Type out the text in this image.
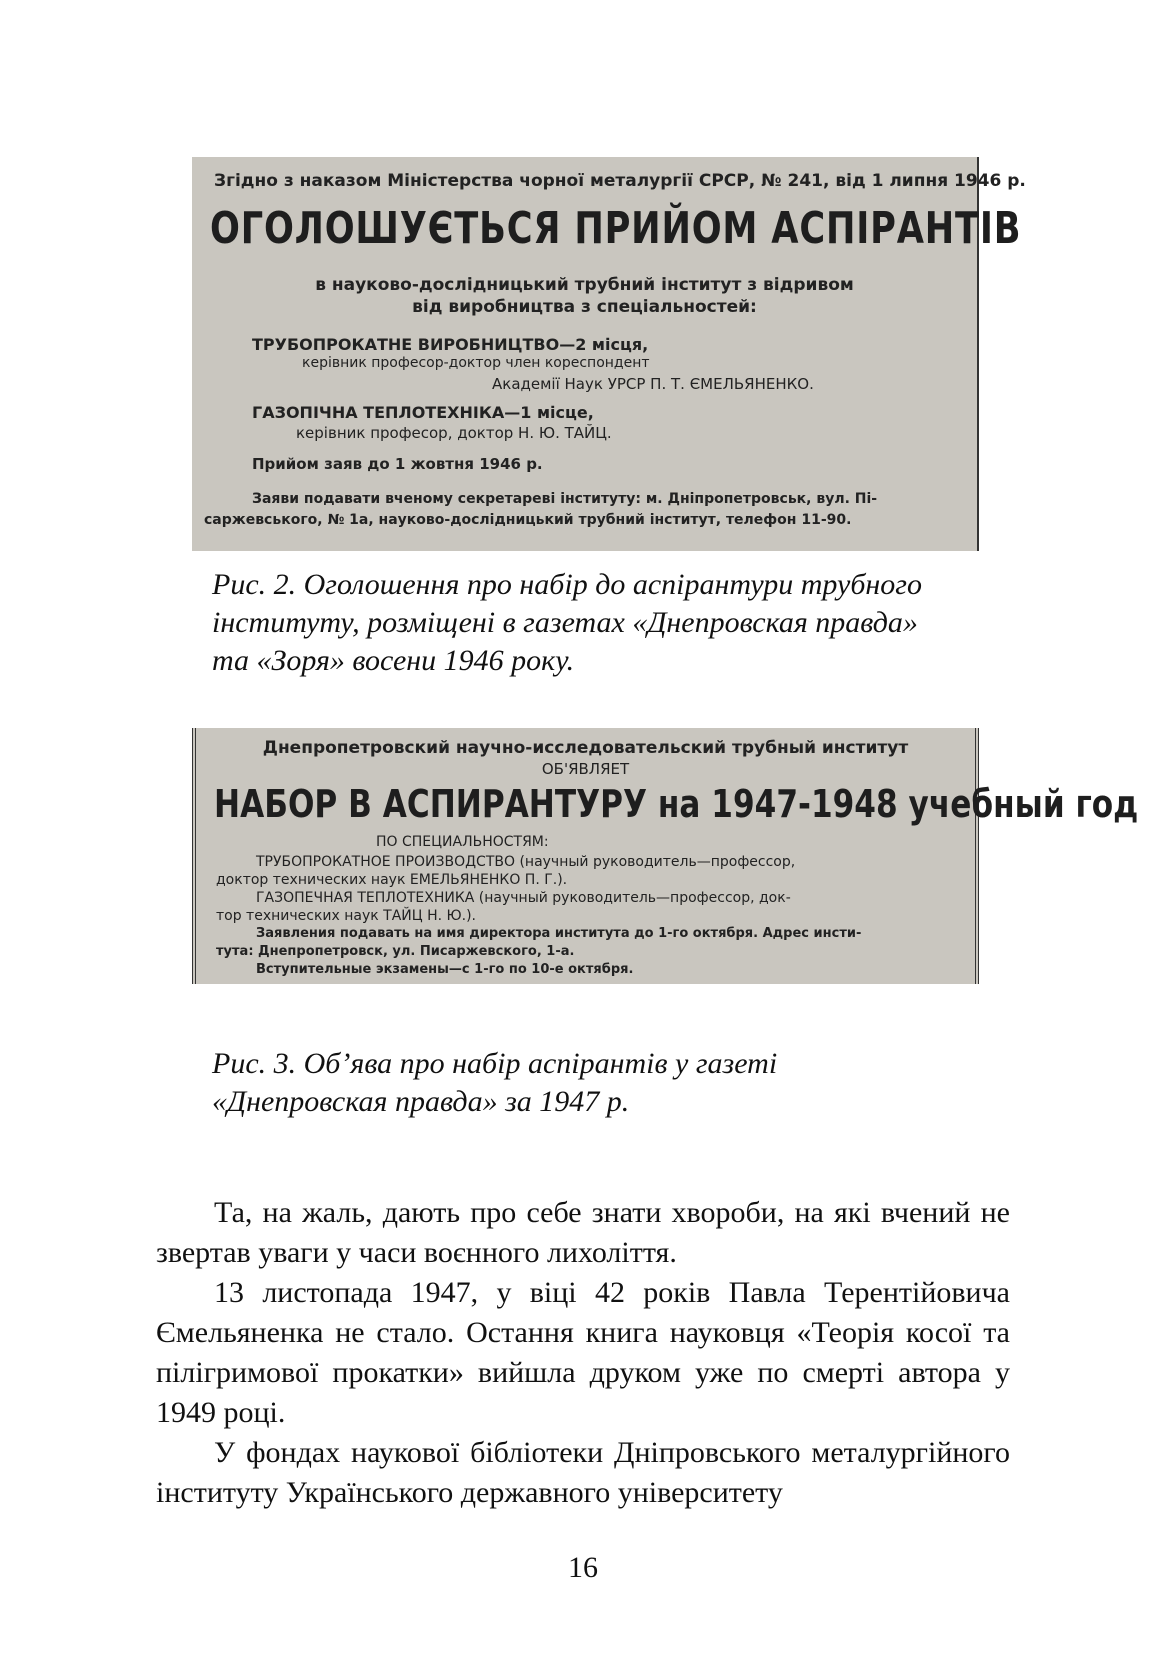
Згідно з наказом Міністерства чорної металургії СРСР, № 241, від 1 липня 1946 р.
ОГОЛОШУЄТЬСЯ ПРИЙОМ АСПІРАНТІВ
в науково-дослідницький трубний інститут з відривом
від виробництва з спеціальностей:
ТРУБОПРОКАТНЕ ВИРОБНИЦТВО—2 місця,
керівник професор-доктор член кореспондент
Академії Наук УРСР П. Т. ЄМЕЛЬЯНЕНКО.
ГАЗОПІЧНА ТЕПЛОТЕХНІКА—1 місце,
керівник професор, доктор Н. Ю. ТАЙЦ.
Прийом заяв до 1 жовтня 1946 р.
Заяви подавати вченому секретареві інституту: м. Дніпропетровськ, вул. Пі-
саржевського, № 1а, науково-дослідницький трубний інститут, телефон 11-90.
Рис. 2. Оголошення про набір до аспірантури трубного інституту, розміщені в газетах «Днепровская правда» та «Зоря» восени 1946 року.
Днепропетровский научно-исследовательский трубный институт
ОБ'ЯВЛЯЕТ
НАБОР В АСПИРАНТУРУ на 1947-1948 учебный год
ПО СПЕЦИАЛЬНОСТЯМ:
ТРУБОПРОКАТНОЕ ПРОИЗВОДСТВО (научный руководитель—профессор,
доктор технических наук ЕМЕЛЬЯНЕНКО П. Г.).
ГАЗОПЕЧНАЯ ТЕПЛОТЕХНИКА (научный руководитель—профессор, док-
тор технических наук ТАЙЦ Н. Ю.).
Заявления подавать на имя директора института до 1-го октября. Адрес инсти-
тута: Днепропетровск, ул. Писаржевского, 1-а.
Вступительные экзамены—с 1-го по 10-е октября.
Рис. 3. Об’ява про набір аспірантів у газеті «Днепровская правда» за 1947 р.

Та, на жаль, дають про себе знати хвороби, на які вчений не звертав уваги у часи воєнного лихоліття.

13 листопада 1947, у віці 42 років Павла Терентійовича Ємельяненка не стало. Остання книга науковця «Теорія косої та пілігримової прокатки» вийшла друком уже по смерті автора у 1949 році.

У фондах наукової бібліотеки Дніпровського металургійного інституту Українського державного університету

16
